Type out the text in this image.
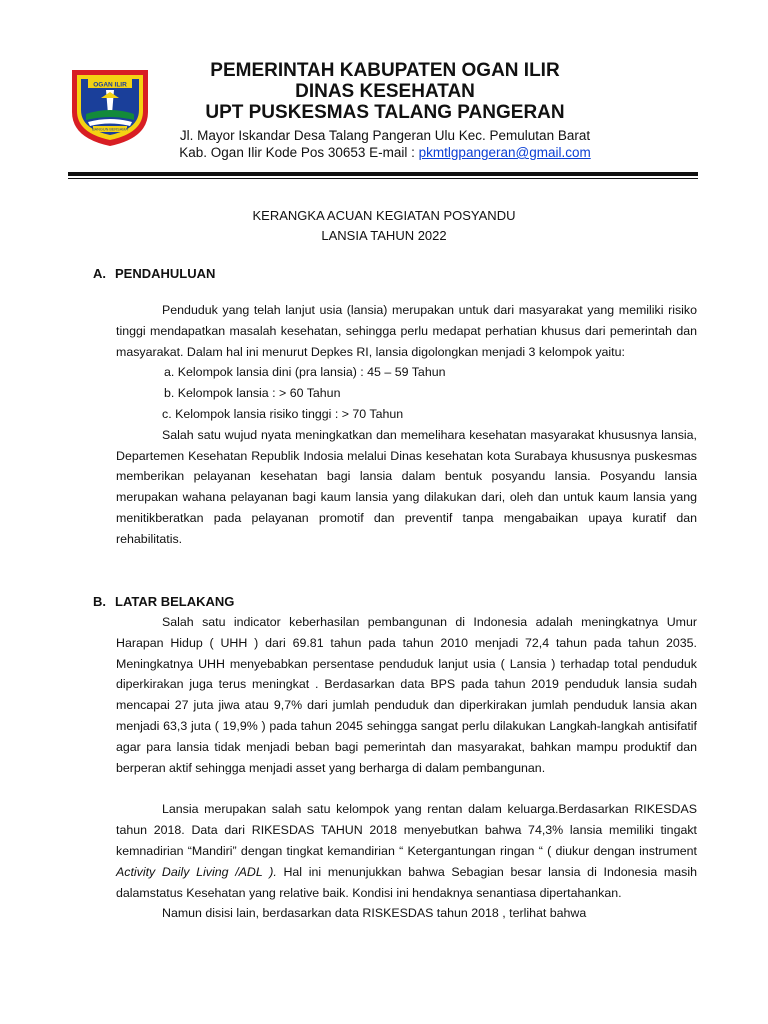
OGAN ILIR
BANGUN BERSAMA
PEMERINTAH KABUPATEN OGAN ILIR
DINAS KESEHATAN
UPT PUSKESMAS TALANG PANGERAN
Jl. Mayor Iskandar Desa Talang Pangeran Ulu Kec. Pemulutan Barat
Kab. Ogan Ilir Kode Pos 30653 E-mail : pkmtlgpangeran@gmail.com
KERANGKA ACUAN KEGIATAN POSYANDU
LANSIA TAHUN 2022
A. PENDAHULUAN

Penduduk yang telah lanjut usia (lansia) merupakan untuk dari masyarakat yang memiliki risiko tinggi mendapatkan masalah kesehatan, sehingga perlu medapat perhatian khusus dari pemerintah dan masyarakat. Dalam hal ini menurut Depkes RI, lansia digolongkan menjadi 3 kelompok yaitu:

a. Kelompok lansia dini (pra lansia) : 45 – 59 Tahun

b. Kelompok lansia : > 60 Tahun

c. Kelompok lansia risiko tinggi : > 70 Tahun

Salah satu wujud nyata meningkatkan dan memelihara kesehatan masyarakat khususnya lansia, Departemen Kesehatan Republik Indosia melalui Dinas kesehatan kota Surabaya khususnya puskesmas memberikan pelayanan kesehatan bagi lansia dalam bentuk posyandu lansia. Posyandu lansia merupakan wahana pelayanan bagi kaum lansia yang dilakukan dari, oleh dan untuk kaum lansia yang menitikberatkan pada pelayanan promotif dan preventif tanpa mengabaikan upaya kuratif dan rehabilitatis.

B. LATAR BELAKANG

Salah satu indicator keberhasilan pembangunan di Indonesia adalah meningkatnya Umur Harapan Hidup ( UHH ) dari 69.81 tahun pada tahun 2010 menjadi 72,4 tahun pada tahun 2035. Meningkatnya UHH menyebabkan persentase penduduk lanjut usia ( Lansia ) terhadap total penduduk diperkirakan juga terus meningkat . Berdasarkan data BPS pada tahun 2019 penduduk lansia sudah mencapai 27 juta jiwa atau 9,7% dari jumlah penduduk dan diperkirakan jumlah penduduk lansia akan menjadi 63,3 juta ( 19,9% ) pada tahun 2045 sehingga sangat perlu dilakukan Langkah-langkah antisifatif agar para lansia tidak menjadi beban bagi pemerintah dan masyarakat, bahkan mampu produktif dan berperan aktif sehingga menjadi asset yang berharga di dalam pembangunan.

Lansia merupakan salah satu kelompok yang rentan dalam keluarga.Berdasarkan RIKESDAS tahun 2018. Data dari RIKESDAS TAHUN 2018 menyebutkan bahwa 74,3% lansia memiliki tingakt kemnadirian “Mandiri” dengan tingkat kemandirian “ Ketergantungan ringan “ ( diukur dengan instrument Activity Daily Living /ADL ). Hal ini menunjukkan bahwa Sebagian besar lansia di Indonesia masih dalamstatus Kesehatan yang relative baik. Kondisi ini hendaknya senantiasa dipertahankan.

Namun disisi lain, berdasarkan data RISKESDAS tahun 2018 , terlihat bahwa
